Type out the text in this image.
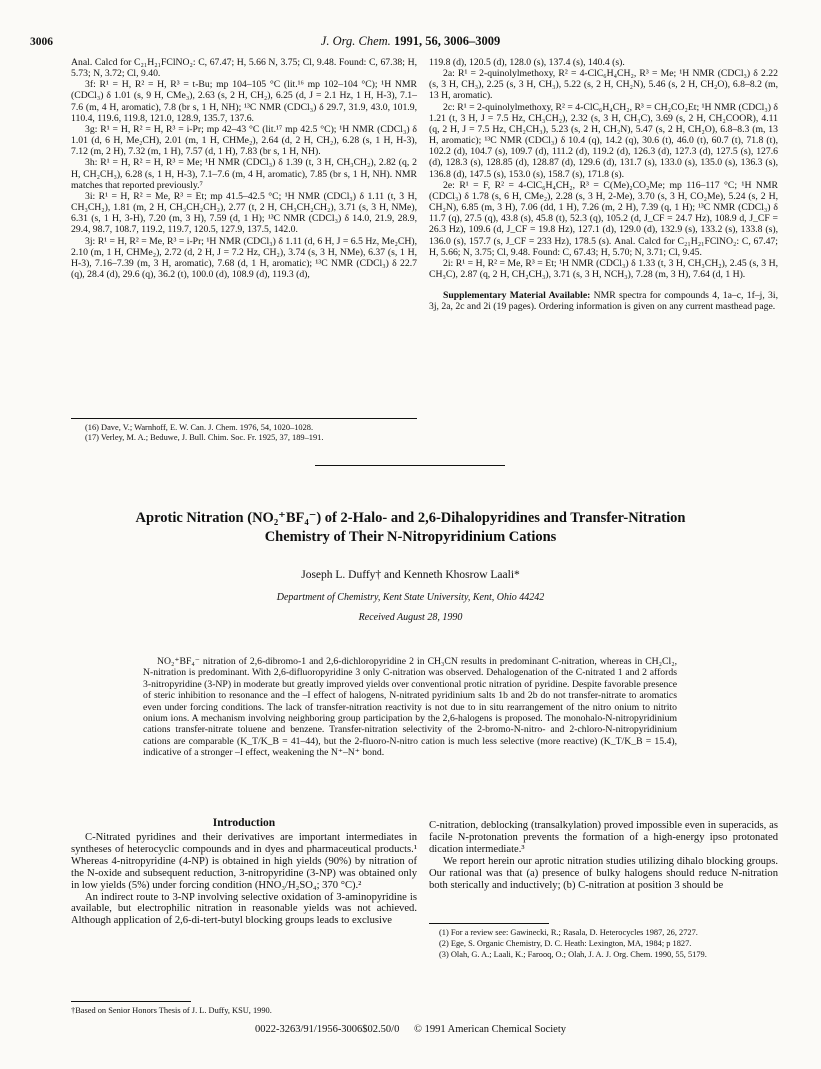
3006	J. Org. Chem. 1991, 56, 3006–3009

Anal. Calcd for C₂₁H₂₁FClNO₂: C, 67.47; H, 5.66 N, 3.75; Cl, 9.48. Found: C, 67.38; H, 5.73; N, 3.72; Cl, 9.40.

3f: R¹ = H, R² = H, R³ = t-Bu; mp 104–105 °C (lit.¹⁶ mp 102–104 °C); ¹H NMR (CDCl₃) δ 1.01 (s, 9 H, CMe₃), 2.63 (s, 2 H, CH₂), 6.25 (d, J = 2.1 Hz, 1 H, H-3), 7.1–7.6 (m, 4 H, aromatic), 7.8 (br s, 1 H, NH); ¹³C NMR (CDCl₃) δ 29.7, 31.9, 43.0, 101.9, 110.4, 119.6, 119.8, 121.0, 128.9, 135.7, 137.6.

3g: R¹ = H, R² = H, R³ = i-Pr; mp 42–43 °C (lit.¹⁷ mp 42.5 °C); ¹H NMR (CDCl₃) δ 1.01 (d, 6 H, Me₂CH), 2.01 (m, 1 H, CHMe₂), 2.64 (d, 2 H, CH₂), 6.28 (s, 1 H, H-3), 7.12 (m, 2 H), 7.32 (m, 1 H), 7.57 (d, 1 H), 7.83 (br s, 1 H, NH).

3h: R¹ = H, R² = H, R³ = Me; ¹H NMR (CDCl₃) δ 1.39 (t, 3 H, CH₃CH₂), 2.82 (q, 2 H, CH₂CH₃), 6.28 (s, 1 H, H-3), 7.1–7.6 (m, 4 H, aromatic), 7.85 (br s, 1 H, NH). NMR matches that reported previously.⁷

3i: R¹ = H, R² = Me, R³ = Et; mp 41.5–42.5 °C; ¹H NMR (CDCl₃) δ 1.11 (t, 3 H, CH₃CH₂), 1.81 (m, 2 H, CH₃CH₂CH₂), 2.77 (t, 2 H, CH₃CH₂CH₂), 3.71 (s, 3 H, NMe), 6.31 (s, 1 H, 3-H), 7.20 (m, 3 H), 7.59 (d, 1 H); ¹³C NMR (CDCl₃) δ 14.0, 21.9, 28.9, 29.4, 98.7, 108.7, 119.2, 119.7, 120.5, 127.9, 137.5, 142.0.

3j: R¹ = H, R² = Me, R³ = i-Pr; ¹H NMR (CDCl₃) δ 1.11 (d, 6 H, J = 6.5 Hz, Me₂CH), 2.10 (m, 1 H, CHMe₂), 2.72 (d, 2 H, J = 7.2 Hz, CH₂), 3.74 (s, 3 H, NMe), 6.37 (s, 1 H, H-3), 7.16–7.39 (m, 3 H, aromatic), 7.68 (d, 1 H, aromatic); ¹³C NMR (CDCl₃) δ 22.7 (q), 28.4 (d), 29.6 (q), 36.2 (t), 100.0 (d), 108.9 (d), 119.3 (d),

(16) Dave, V.; Warnhoff, E. W. Can. J. Chem. 1976, 54, 1020–1028.

(17) Verley, M. A.; Beduwe, J. Bull. Chim. Soc. Fr. 1925, 37, 189–191.

119.8 (d), 120.5 (d), 128.0 (s), 137.4 (s), 140.4 (s).

2a: R¹ = 2-quinolylmethoxy, R² = 4-ClC₆H₄CH₂, R³ = Me; ¹H NMR (CDCl₃) δ 2.22 (s, 3 H, CH₃), 2.25 (s, 3 H, CH₃), 5.22 (s, 2 H, CH₂N), 5.46 (s, 2 H, CH₂O), 6.8–8.2 (m, 13 H, aromatic).

2c: R¹ = 2-quinolylmethoxy, R² = 4-ClC₆H₄CH₂, R³ = CH₂CO₂Et; ¹H NMR (CDCl₃) δ 1.21 (t, 3 H, J = 7.5 Hz, CH₃CH₂), 2.32 (s, 3 H, CH₃C), 3.69 (s, 2 H, CH₂COOR), 4.11 (q, 2 H, J = 7.5 Hz, CH₂CH₃), 5.23 (s, 2 H, CH₂N), 5.47 (s, 2 H, CH₂O), 6.8–8.3 (m, 13 H, aromatic); ¹³C NMR (CDCl₃) δ 10.4 (q), 14.2 (q), 30.6 (t), 46.0 (t), 60.7 (t), 71.8 (t), 102.2 (d), 104.7 (s), 109.7 (d), 111.2 (d), 119.2 (d), 126.3 (d), 127.3 (d), 127.5 (s), 127.6 (d), 128.3 (s), 128.85 (d), 128.87 (d), 129.6 (d), 131.7 (s), 133.0 (s), 135.0 (s), 136.3 (s), 136.8 (d), 147.5 (s), 153.0 (s), 158.7 (s), 171.8 (s).

2e: R¹ = F, R² = 4-ClC₆H₄CH₂, R³ = C(Me)₂CO₂Me; mp 116–117 °C; ¹H NMR (CDCl₃) δ 1.78 (s, 6 H, CMe₂), 2.28 (s, 3 H, 2-Me), 3.70 (s, 3 H, CO₂Me), 5.24 (s, 2 H, CH₂N), 6.85 (m, 3 H), 7.06 (dd, 1 H), 7.26 (m, 2 H), 7.39 (q, 1 H); ¹³C NMR (CDCl₃) δ 11.7 (q), 27.5 (q), 43.8 (s), 45.8 (t), 52.3 (q), 105.2 (d, J_CF = 24.7 Hz), 108.9 d, J_CF = 26.3 Hz), 109.6 (d, J_CF = 19.8 Hz), 127.1 (d), 129.0 (d), 132.9 (s), 133.2 (s), 133.8 (s), 136.0 (s), 157.7 (s, J_CF = 233 Hz), 178.5 (s). Anal. Calcd for C₂₁H₂₁FClNO₂: C, 67.47; H, 5.66; N, 3.75; Cl, 9.48. Found: C, 67.43; H, 5.70; N, 3.71; Cl, 9.45.

2i: R¹ = H, R² = Me, R³ = Et; ¹H NMR (CDCl₃) δ 1.33 (t, 3 H, CH₃CH₂), 2.45 (s, 3 H, CH₃C), 2.87 (q, 2 H, CH₂CH₃), 3.71 (s, 3 H, NCH₃), 7.28 (m, 3 H), 7.64 (d, 1 H).

Supplementary Material Available: NMR spectra for compounds 4, 1a–c, 1f–j, 3i, 3j, 2a, 2c and 2i (19 pages). Ordering information is given on any current masthead page.

Aprotic Nitration (NO₂⁺BF₄⁻) of 2-Halo- and 2,6-Dihalopyridines and Transfer-Nitration Chemistry of Their N-Nitropyridinium Cations
Joseph L. Duffy† and Kenneth Khosrow Laali*
Department of Chemistry, Kent State University, Kent, Ohio 44242
Received August 28, 1990

NO₂⁺BF₄⁻ nitration of 2,6-dibromo-1 and 2,6-dichloropyridine 2 in CH₃CN results in predominant C-nitration, whereas in CH₂Cl₂, N-nitration is predominant. With 2,6-difluoropyridine 3 only C-nitration was observed. Dehalogenation of the C-nitrated 1 and 2 affords 3-nitropyridine (3-NP) in moderate but greatly improved yields over conventional protic nitration of pyridine. Despite favorable presence of steric inhibition to resonance and the –I effect of halogens, N-nitrated pyridinium salts 1b and 2b do not transfer-nitrate to aromatics even under forcing conditions. The lack of transfer-nitration reactivity is not due to in situ rearrangement of the nitro onium to nitrito onium ions. A mechanism involving neighboring group participation by the 2,6-halogens is proposed. The monohalo-N-nitropyridinium cations transfer-nitrate toluene and benzene. Transfer-nitration selectivity of the 2-bromo-N-nitro- and 2-chloro-N-nitropyridinium cations are comparable (K_T/K_B = 41–44), but the 2-fluoro-N-nitro cation is much less selective (more reactive) (K_T/K_B = 15.4), indicative of a stronger –I effect, weakening the N⁺–N⁺ bond.

Introduction

C-Nitrated pyridines and their derivatives are important intermediates in syntheses of heterocyclic compounds and in dyes and pharmaceutical products.¹ Whereas 4-nitropyridine (4-NP) is obtained in high yields (90%) by nitration of the N-oxide and subsequent reduction, 3-nitropyridine (3-NP) was obtained only in low yields (5%) under forcing condition (HNO₃/H₂SO₄; 370 °C).²

An indirect route to 3-NP involving selective oxidation of 3-aminopyridine is available, but electrophilic nitration in reasonable yields was not achieved. Although application of 2,6-di-tert-butyl blocking groups leads to exclusive

C-nitration, deblocking (transalkylation) proved impossible even in superacids, as facile N-protonation prevents the formation of a high-energy ipso protonated dication intermediate.³

We report herein our aprotic nitration studies utilizing dihalo blocking groups. Our rational was that (a) presence of bulky halogens should reduce N-nitration both sterically and inductively; (b) C-nitration at position 3 should be

(1) For a review see: Gawinecki, R.; Rasala, D. Heterocycles 1987, 26, 2727.

(2) Ege, S. Organic Chemistry, D. C. Heath: Lexington, MA, 1984; p 1827.

(3) Olah, G. A.; Laali, K.; Farooq, O.; Olah, J. A. J. Org. Chem. 1990, 55, 5179.

†Based on Senior Honors Thesis of J. L. Duffy, KSU, 1990.
0022-3263/91/1956-3006$02.50/0 © 1991 American Chemical Society
